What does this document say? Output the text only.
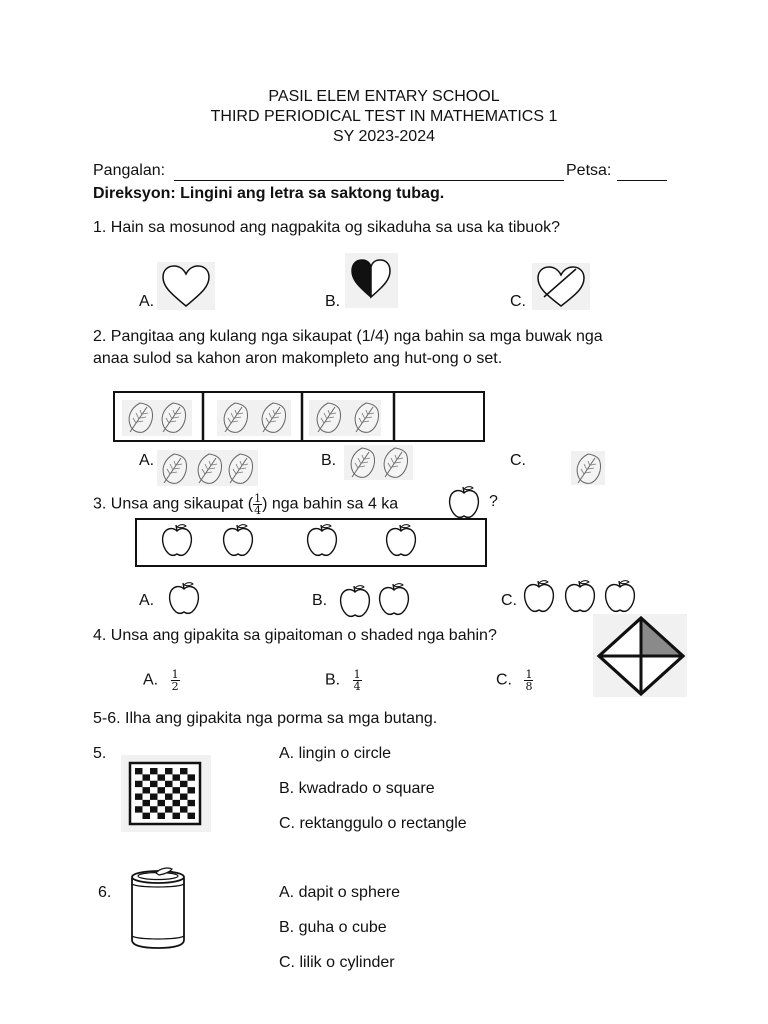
PASIL ELEM ENTARY SCHOOL
THIRD PERIODICAL TEST IN MATHEMATICS 1
SY 2023-2024
Pangalan:	Petsa:
Direksyon: Lingini ang letra sa saktong tubag.
1. Hain sa mosunod ang nagpakita og sikaduha sa usa ka tibuok?
A.	B.	C.
2. Pangitaa ang kulang nga sikaupat (1/4) nga bahin sa mga buwak nga
anaa sulod sa kahon aron makompleto ang hut-ong o set.
A.	B.	C.
3. Unsa ang sikaupat ( $\frac{1}{4}$ ) nga bahin sa 4 ka	?
A.	B.	C.
4. Unsa ang gipakita sa gipaitoman o shaded nga bahin?
A. $\frac{1}{2}$	B. $\frac{1}{4}$	C. $\frac{1}{8}$
5-6. Ilha ang gipakita nga porma sa mga butang.
5.	A. lingin o circle
B. kwadrado o square
C. rektanggulo o rectangle
6.	A. dapit o sphere
B. guha o cube
C. lilik o cylinder
